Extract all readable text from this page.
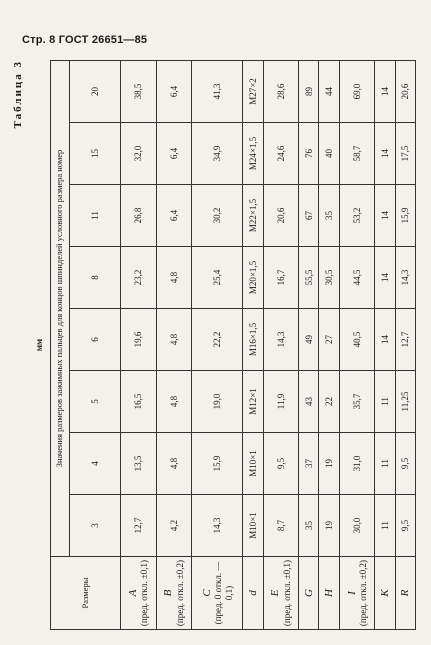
Стр. 8 ГОСТ 26651—85
Таблица 3
мм
Размеры	Значения размеров зажимных пальцев для концов шпинделей условного размера номер							
	3	4	5	6	8	11	15	20

A (пред. откл. ±0,1)	12,7	13,5	16,5	19,6	23,2	26,8	32,0	38,5

B (пред. откл. ±0,2)	4,2	4,8	4,8	4,8	4,8	6,4	6,4	6,4

C (пред. 0 откл. —0,1)	14,3	15,9	19,0	22,2	25,4	30,2	34,9	41,3

d	M10×1	M10×1	M12×1	M16×1,5	M20×1,5	M22×1,5	M24×1,5	M27×2

E (пред. откл. ±0,1)	8,7	9,5	11,9	14,3	16,7	20,6	24,6	28,6

G	35	37	43	49	55,5	67	76	89

H	19	19	22	27	30,5	35	40	44

I (пред. откл. ±0,2)	30,0	31,0	35,7	40,5	44,5	53,2	58,7	69,0

K	11	11	11	14	14	14	14	14

R	9,5	9,5	11,25	12,7	14,3	15,9	17,5	20,6
